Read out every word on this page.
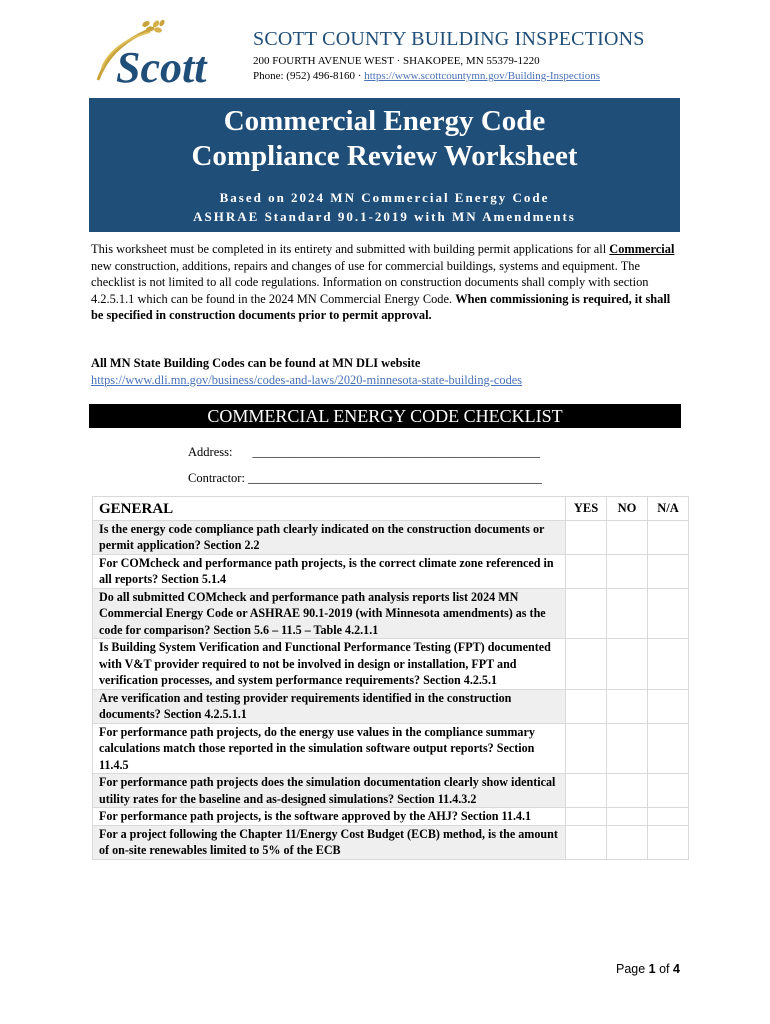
Scott
SCOTT COUNTY BUILDING INSPECTIONS
200 FOURTH AVENUE WEST · SHAKOPEE, MN 55379-1220
Phone: (952) 496-8160 · https://www.scottcountymn.gov/Building-Inspections
Commercial Energy Code
Compliance Review Worksheet
Based on 2024 MN Commercial Energy Code
ASHRAE Standard 90.1-2019 with MN Amendments
This worksheet must be completed in its entirety and submitted with building permit applications for all Commercial new construction, additions, repairs and changes of use for commercial buildings, systems and equipment. The checklist is not limited to all code regulations. Information on construction documents shall comply with section 4.2.5.1.1 which can be found in the 2024 MN Commercial Energy Code. When commissioning is required, it shall be specified in construction documents prior to permit approval.
All MN State Building Codes can be found at MN DLI website
https://www.dli.mn.gov/business/codes-and-laws/2020-minnesota-state-building-codes
COMMERCIAL ENERGY CODE CHECKLIST
Address: ______________________________________________
Contractor: _______________________________________________
GENERAL	YES	NO	N/A
Is the energy code compliance path clearly indicated on the construction documents or permit application? Section 2.2			
For COMcheck and performance path projects, is the correct climate zone referenced in all reports? Section 5.1.4			
Do all submitted COMcheck and performance path analysis reports list 2024 MN Commercial Energy Code or ASHRAE 90.1-2019 (with Minnesota amendments) as the code for comparison? Section 5.6 – 11.5 – Table 4.2.1.1			
Is Building System Verification and Functional Performance Testing (FPT) documented with V&T provider required to not be involved in design or installation, FPT and verification processes, and system performance requirements? Section 4.2.5.1			
Are verification and testing provider requirements identified in the construction documents? Section 4.2.5.1.1			
For performance path projects, do the energy use values in the compliance summary calculations match those reported in the simulation software output reports? Section 11.4.5			
For performance path projects does the simulation documentation clearly show identical utility rates for the baseline and as-designed simulations? Section 11.4.3.2			
For performance path projects, is the software approved by the AHJ? Section 11.4.1			
For a project following the Chapter 11/Energy Cost Budget (ECB) method, is the amount of on-site renewables limited to 5% of the ECB			
Page 1 of 4
